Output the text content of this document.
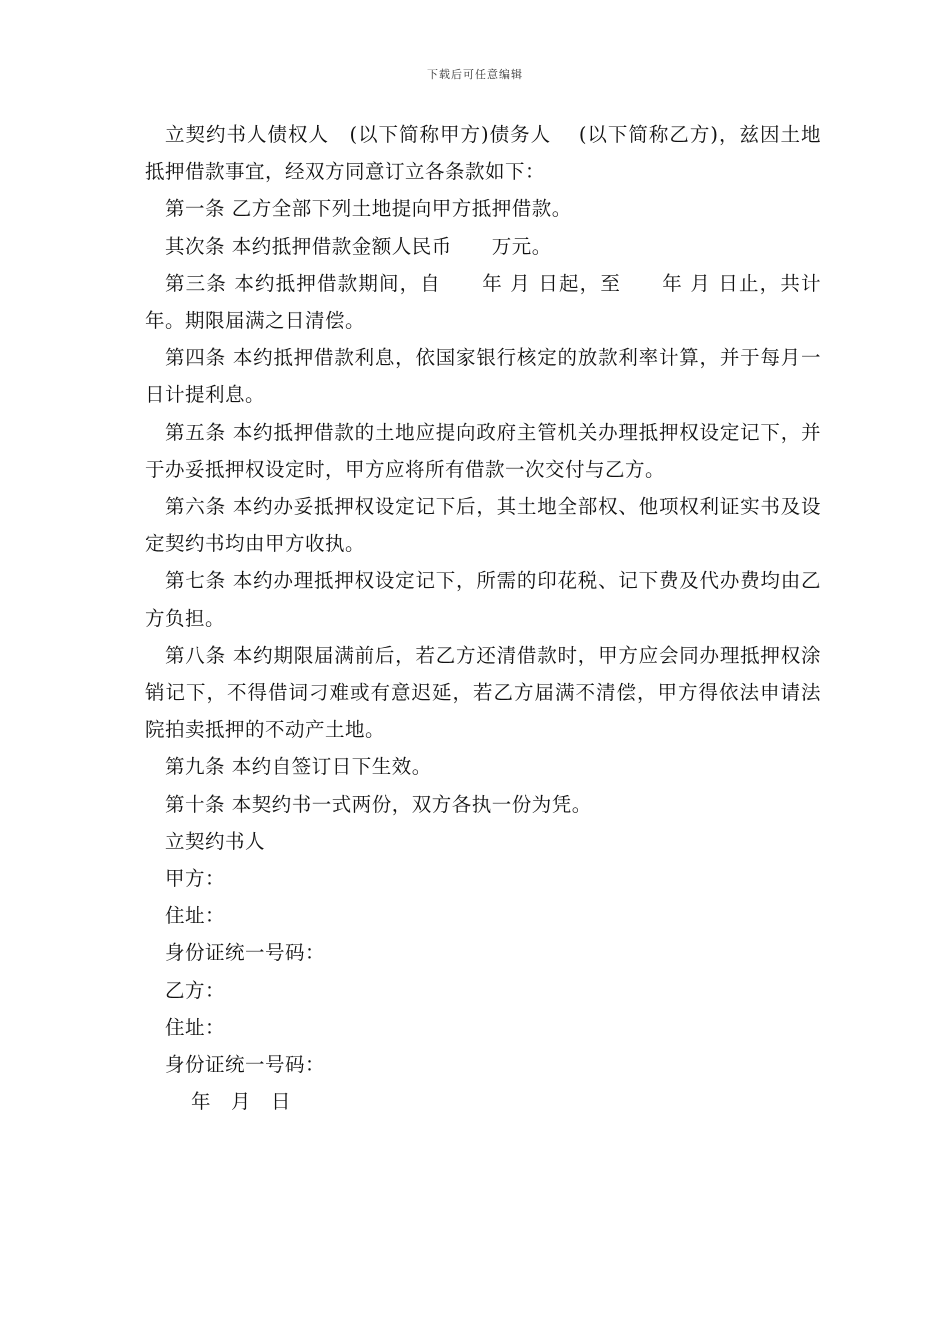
下载后可任意编辑

立契约书人债权人　(以下简称甲方)债务人　 (以下简称乙方)，兹因土地抵押借款事宜，经双方同意订立各条款如下：

第一条 乙方全部下列土地提向甲方抵押借款。

其次条 本约抵押借款金额人民币　　万元。

第三条 本约抵押借款期间，自　　年 月 日起，至　　年 月 日止，共计　年。期限届满之日清偿。

第四条 本约抵押借款利息，依国家银行核定的放款利率计算，并于每月一日计提利息。

第五条 本约抵押借款的土地应提向政府主管机关办理抵押权设定记下，并于办妥抵押权设定时，甲方应将所有借款一次交付与乙方。

第六条 本约办妥抵押权设定记下后，其土地全部权、他项权利证实书及设定契约书均由甲方收执。

第七条 本约办理抵押权设定记下，所需的印花税、记下费及代办费均由乙方负担。

第八条 本约期限届满前后，若乙方还清借款时，甲方应会同办理抵押权涂销记下，不得借词刁难或有意迟延，若乙方届满不清偿，甲方得依法申请法院拍卖抵押的不动产土地。

第九条 本约自签订日下生效。

第十条 本契约书一式两份，双方各执一份为凭。

立契约书人

甲方：

住址：

身份证统一号码：

乙方：

住址：

身份证统一号码：

年　月　日
